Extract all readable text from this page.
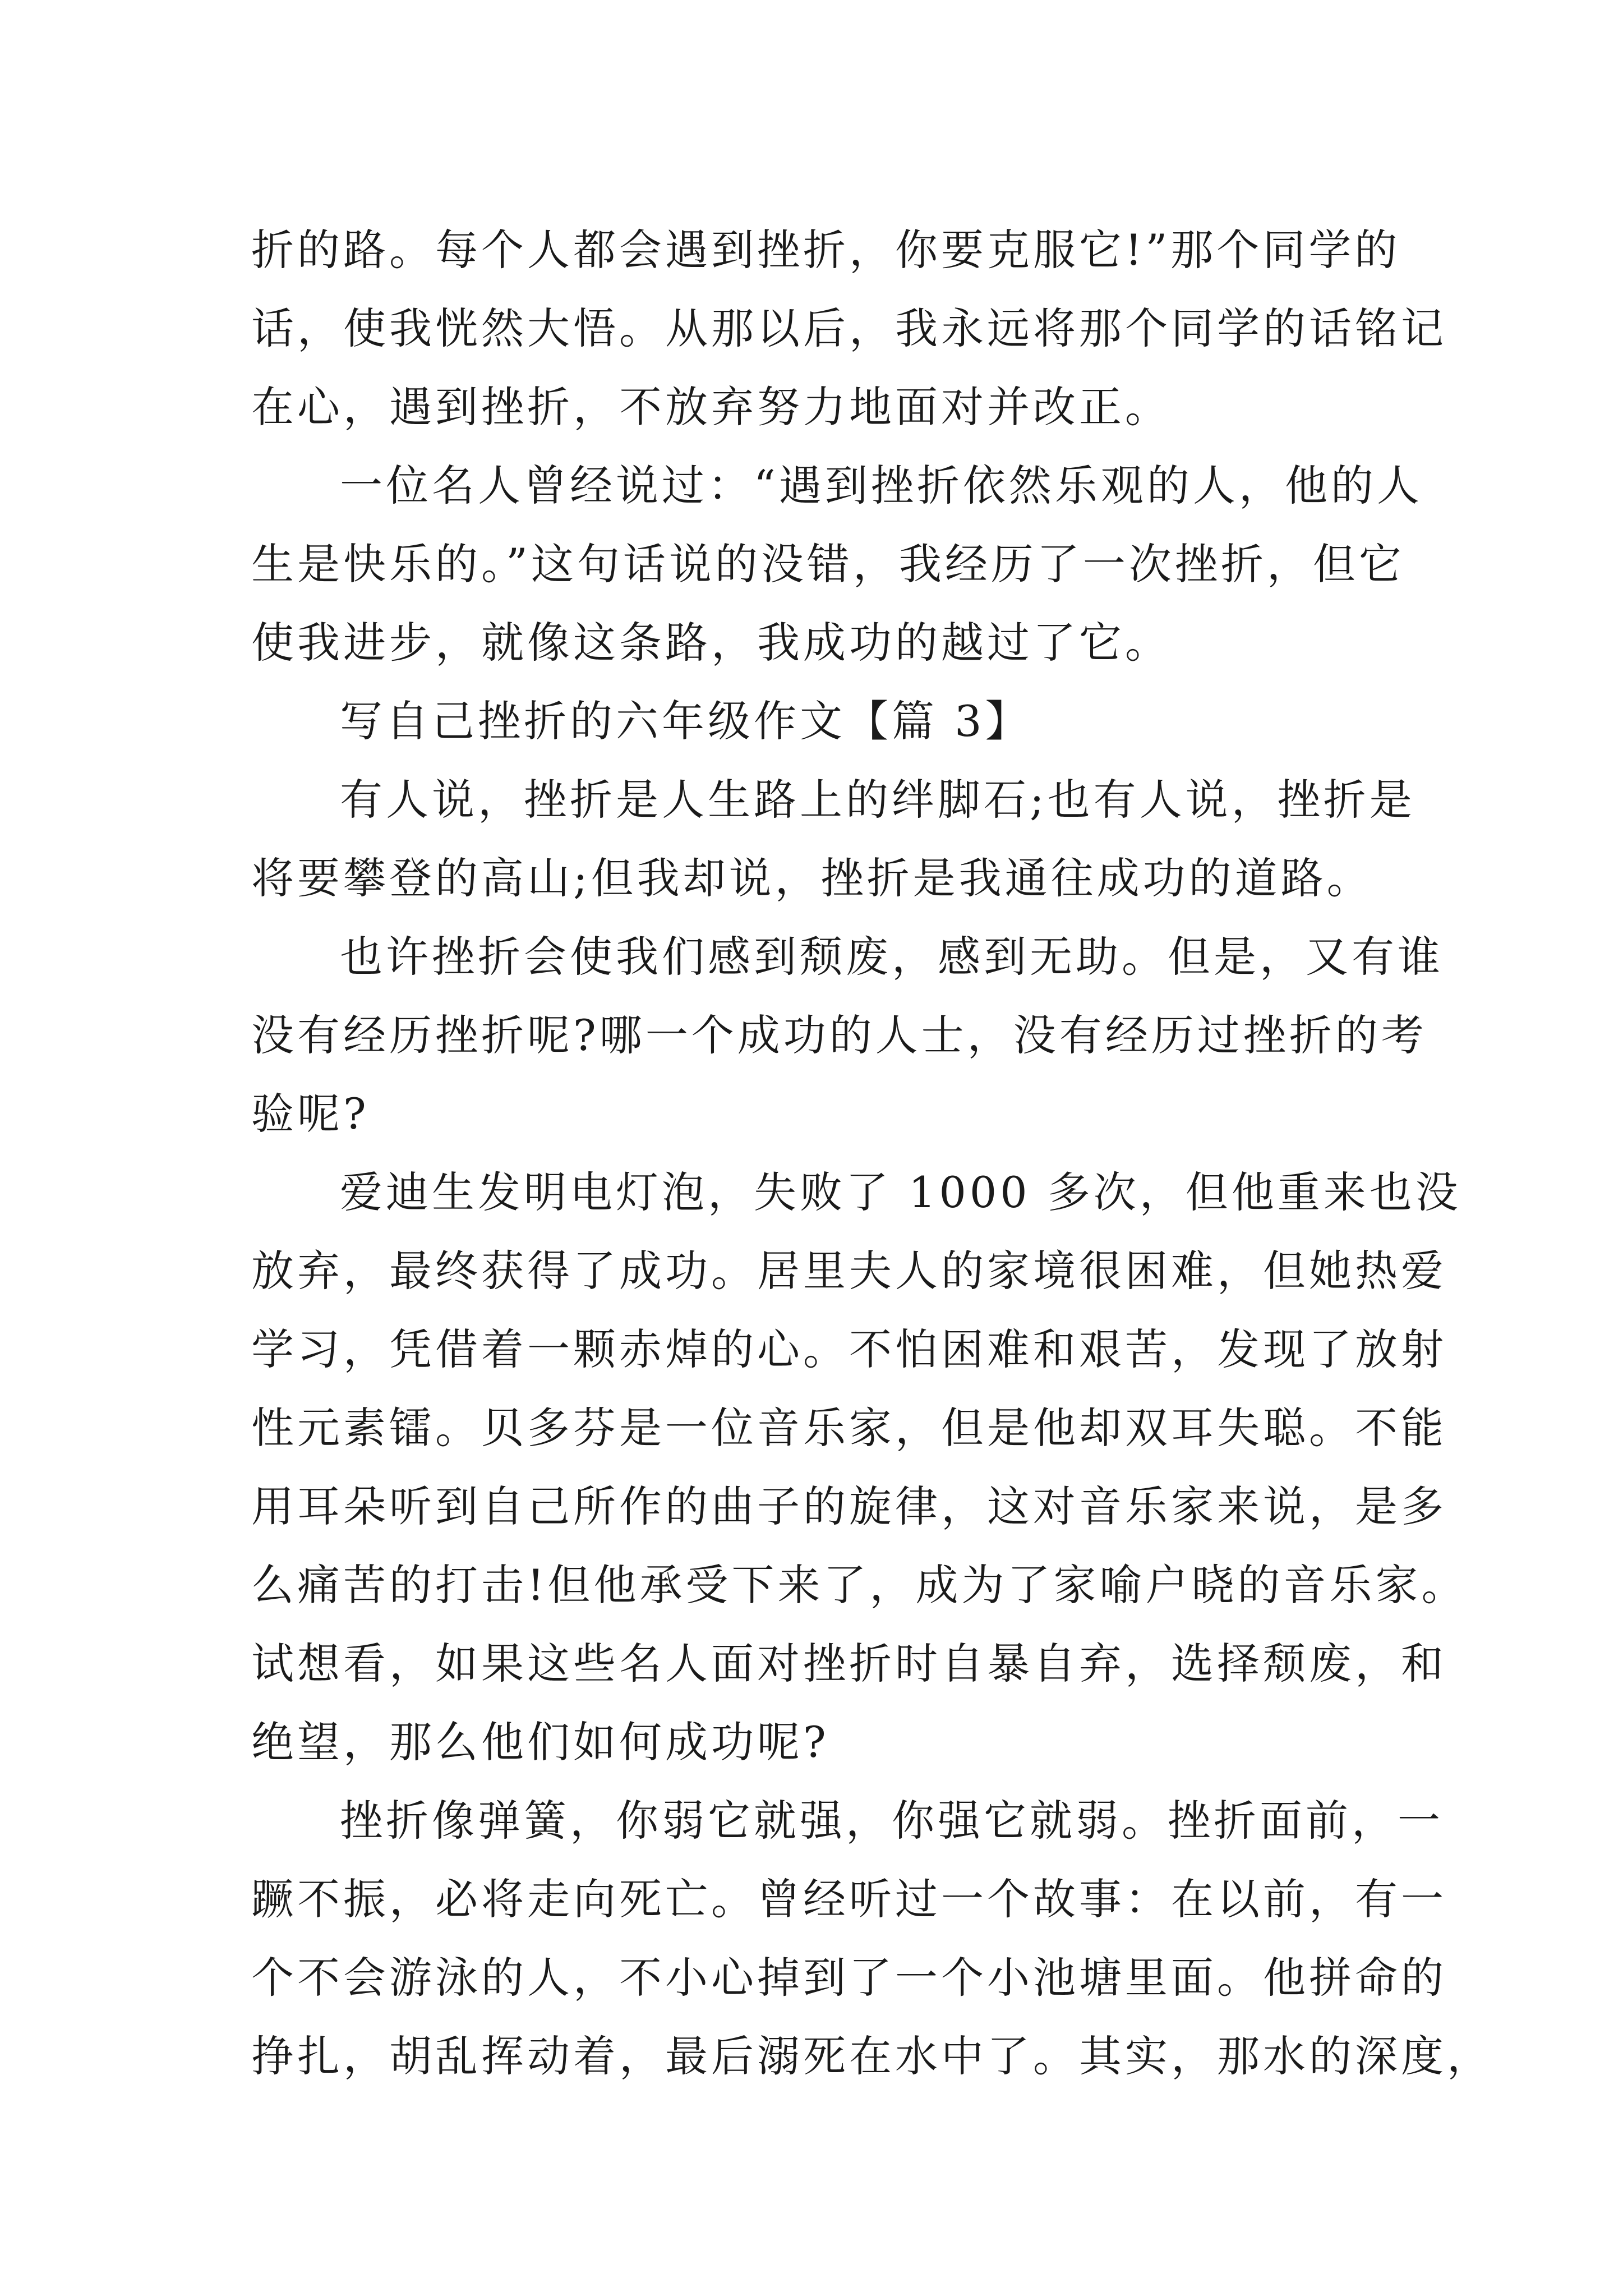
折的路。每个人都会遇到挫折，你要克服它!”那个同学的
话，使我恍然大悟。从那以后，我永远将那个同学的话铭记
在心，遇到挫折，不放弃努力地面对并改正。
一位名人曾经说过：“遇到挫折依然乐观的人，他的人
生是快乐的。”这句话说的没错，我经历了一次挫折，但它
使我进步，就像这条路，我成功的越过了它。
写自己挫折的六年级作文【篇 3】
有人说，挫折是人生路上的绊脚石;也有人说，挫折是
将要攀登的高山;但我却说，挫折是我通往成功的道路。
也许挫折会使我们感到颓废，感到无助。但是，又有谁
没有经历挫折呢?哪一个成功的人士，没有经历过挫折的考
验呢?
爱迪生发明电灯泡，失败了 1000 多次，但他重来也没
放弃，最终获得了成功。居里夫人的家境很困难，但她热爱
学习，凭借着一颗赤焯的心。不怕困难和艰苦，发现了放射
性元素镭。贝多芬是一位音乐家，但是他却双耳失聪。不能
用耳朵听到自己所作的曲子的旋律，这对音乐家来说，是多
么痛苦的打击!但他承受下来了，成为了家喻户晓的音乐家。
试想看，如果这些名人面对挫折时自暴自弃，选择颓废，和
绝望，那么他们如何成功呢?
挫折像弹簧，你弱它就强，你强它就弱。挫折面前，一
蹶不振，必将走向死亡。曾经听过一个故事：在以前，有一
个不会游泳的人，不小心掉到了一个小池塘里面。他拼命的
挣扎，胡乱挥动着，最后溺死在水中了。其实，那水的深度，
